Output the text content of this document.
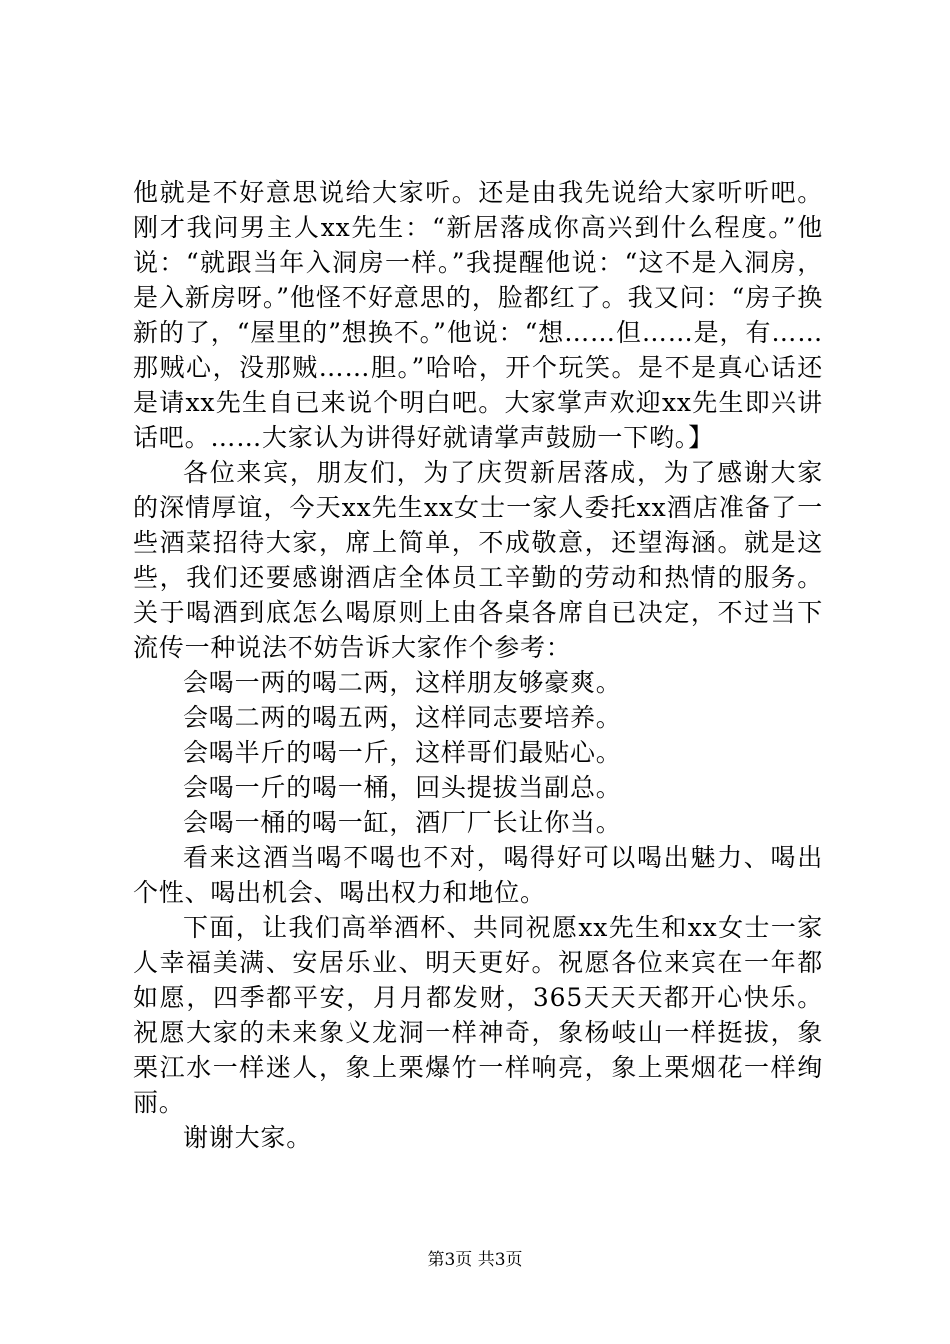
他就是不好意思说给大家听。还是由我先说给大家听听吧。刚才我问男主人xx先生：“新居落成你高兴到什么程度。”他说：“就跟当年入洞房一样。”我提醒他说：“这不是入洞房，是入新房呀。”他怪不好意思的，脸都红了。我又问：“房子换新的了，“屋里的”想换不。”他说：“想……但……是，有……那贼心，没那贼……胆。”哈哈，开个玩笑。是不是真心话还是请xx先生自已来说个明白吧。大家掌声欢迎xx先生即兴讲话吧。……大家认为讲得好就请掌声鼓励一下哟。】

各位来宾，朋友们，为了庆贺新居落成，为了感谢大家的深情厚谊，今天xx先生xx女士一家人委托xx酒店准备了一些酒菜招待大家，席上简单，不成敬意，还望海涵。就是这些，我们还要感谢酒店全体员工辛勤的劳动和热情的服务。关于喝酒到底怎么喝原则上由各桌各席自已决定，不过当下流传一种说法不妨告诉大家作个参考：

会喝一两的喝二两，这样朋友够豪爽。

会喝二两的喝五两，这样同志要培养。

会喝半斤的喝一斤，这样哥们最贴心。

会喝一斤的喝一桶，回头提拔当副总。

会喝一桶的喝一缸，酒厂厂长让你当。

看来这酒当喝不喝也不对，喝得好可以喝出魅力、喝出个性、喝出机会、喝出权力和地位。

下面，让我们高举酒杯、共同祝愿xx先生和xx女士一家人幸福美满、安居乐业、明天更好。祝愿各位来宾在一年都如愿，四季都平安，月月都发财，365天天天都开心快乐。祝愿大家的未来象义龙洞一样神奇，象杨岐山一样挺拔，象栗江水一样迷人，象上栗爆竹一样响亮，象上栗烟花一样绚丽。

谢谢大家。

第3页 共3页
